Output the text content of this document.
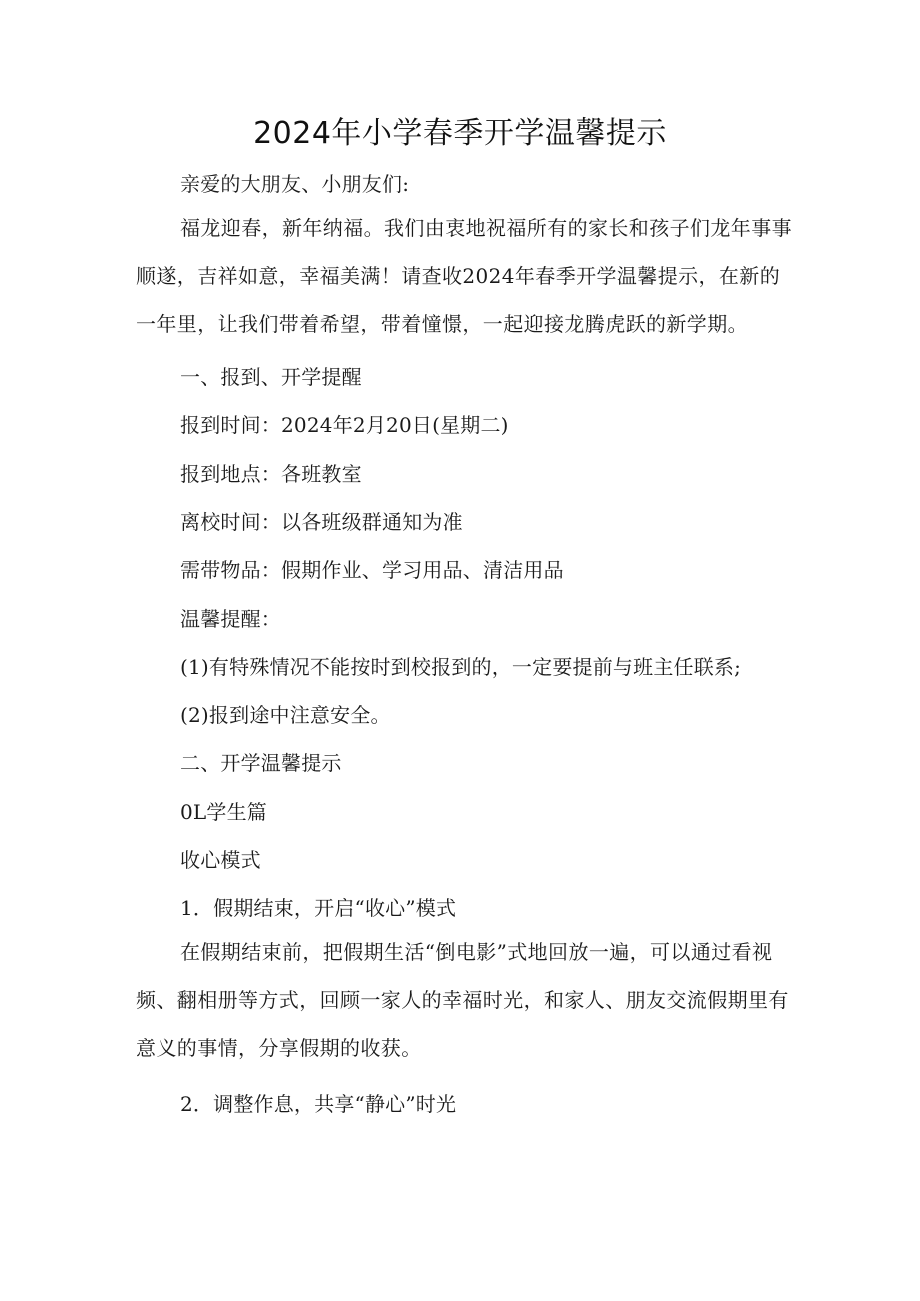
2024年小学春季开学温馨提示
亲爱的大朋友、小朋友们:
福龙迎春，新年纳福。我们由衷地祝福所有的家长和孩子们龙年事事顺遂，吉祥如意，幸福美满！请查收2024年春季开学温馨提示，在新的一年里，让我们带着希望，带着憧憬，一起迎接龙腾虎跃的新学期。
一、报到、开学提醒
报到时间：2024年2月20日(星期二)
报到地点：各班教室
离校时间：以各班级群通知为准
需带物品：假期作业、学习用品、清洁用品
温馨提醒：
(1)有特殊情况不能按时到校报到的，一定要提前与班主任联系;
(2)报到途中注意安全。
二、开学温馨提示
0L学生篇
收心模式
1．假期结束，开启“收心”模式
在假期结束前，把假期生活“倒电影”式地回放一遍，可以通过看视频、翻相册等方式，回顾一家人的幸福时光，和家人、朋友交流假期里有意义的事情，分享假期的收获。
2．调整作息，共享“静心”时光
